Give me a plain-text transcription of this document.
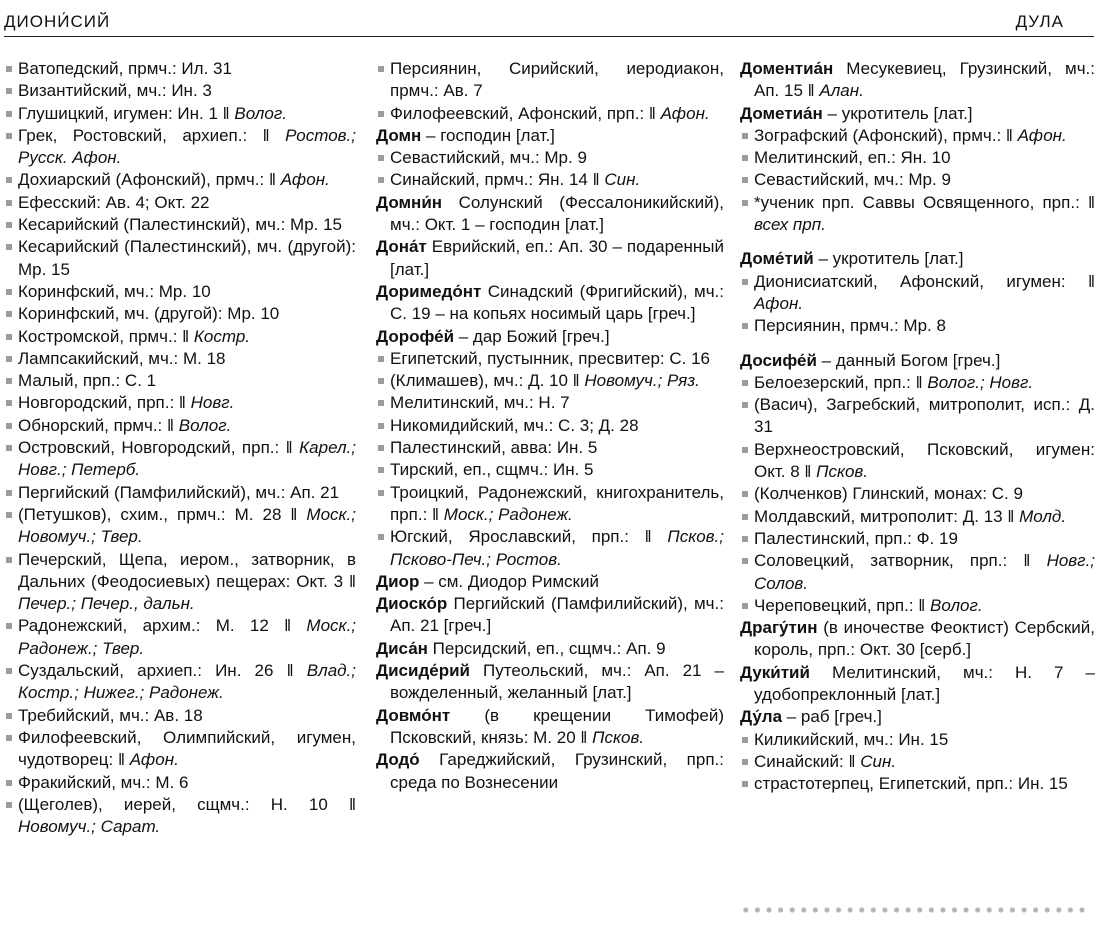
ДИОНИ́СИЙ	ДУЛА
Ватопедский, прмч.: Ил. 31
Византийский, мч.: Ин. 3
Глушицкий, игумен: Ин. 1 ‖ Волог.
Грек, Ростовский, архиеп.: ‖ Ростов.; Русск. Афон.
Дохиарский (Афонский), прмч.: ‖ Афон.
Ефесский: Ав. 4; Окт. 22
Кесарийский (Палестинский), мч.: Мр. 15
Кесарийский (Палестинский), мч. (другой): Мр. 15
Коринфский, мч.: Мр. 10
Коринфский, мч. (другой): Мр. 10
Костромской, прмч.: ‖ Костр.
Лампсакийский, мч.: М. 18
Малый, прп.: С. 1
Новгородский, прп.: ‖ Новг.
Обнорский, прмч.: ‖ Волог.
Островский, Новгородский, прп.: ‖ Карел.; Новг.; Петерб.
Пергийский (Памфилийский), мч.: Ап. 21
(Петушков), схим., прмч.: М. 28 ‖ Моск.; Новомуч.; Твер.
Печерский, Щепа, иером., затворник, в Дальних (Феодосиевых) пещерах: Окт. 3 ‖ Печер.; Печер., дальн.
Радонежский, архим.: М. 12 ‖ Моск.; Радонеж.; Твер.
Суздальский, архиеп.: Ин. 26 ‖ Влад.; Костр.; Нижег.; Радонеж.
Требийский, мч.: Ав. 18
Филофеевский, Олимпийский, игумен, чудотворец: ‖ Афон.
Фракийский, мч.: М. 6
(Щеголев), иерей, сщмч.: Н. 10 ‖ Новомуч.; Сарат.
Персиянин, Сирийский, иеродиакон, прмч.: Ав. 7
Филофеевский, Афонский, прп.: ‖ Афон.
Домн – господин [лат.]
Севастийский, мч.: Мр. 9
Синайский, прмч.: Ян. 14 ‖ Син.
Домни́н Солунский (Фессалоникийский), мч.: Окт. 1 – господин [лат.]
Дона́т Еврийский, еп.: Ап. 30 – подаренный [лат.]
Доримедо́нт Синадский (Фригийский), мч.: С. 19 – на копьях носимый царь [греч.]
Дорофе́й – дар Божий [греч.]
Египетский, пустынник, пресвитер: С. 16
(Климашев), мч.: Д. 10 ‖ Новомуч.; Ряз.
Мелитинский, мч.: Н. 7
Никомидийский, мч.: С. 3; Д. 28
Палестинский, авва: Ин. 5
Тирский, еп., сщмч.: Ин. 5
Троицкий, Радонежский, книгохранитель, прп.: ‖ Моск.; Радонеж.
Югский, Ярославский, прп.: ‖ Псков.; Псково-Печ.; Ростов.
Диор – см. Диодор Римский
Диоско́р Пергийский (Памфилийский), мч.: Ап. 21 [греч.]
Диса́н Персидский, еп., сщмч.: Ап. 9
Дисиде́рий Путеольский, мч.: Ап. 21 – вожделенный, желанный [лат.]
Довмо́нт (в крещении Тимофей) Псковский, князь: М. 20 ‖ Псков.
Додо́ Гареджийский, Грузинский, прп.: среда по Вознесении
Доментиа́н Месукевиец, Грузинский, мч.: Ап. 15 ‖ Алан.
Дометиа́н – укротитель [лат.]
Зографский (Афонский), прмч.: ‖ Афон.
Мелитинский, еп.: Ян. 10
Севастийский, мч.: Мр. 9
*ученик прп. Саввы Освященного, прп.: ‖ всех прп.
Доме́тий – укротитель [лат.]
Дионисиатский, Афонский, игумен: ‖ Афон.
Персиянин, прмч.: Мр. 8
Досифе́й – данный Богом [греч.]
Белоезерский, прп.: ‖ Волог.; Новг.
(Васич), Загребский, митрополит, исп.: Д. 31
Верхнеостровский, Псковский, игумен: Окт. 8 ‖ Псков.
(Колченков) Глинский, монах: С. 9
Молдавский, митрополит: Д. 13 ‖ Молд.
Палестинский, прп.: Ф. 19
Соловецкий, затворник, прп.: ‖ Новг.; Солов.
Череповецкий, прп.: ‖ Волог.
Драгу́тин (в иночестве Феоктист) Сербский, король, прп.: Окт. 30 [серб.]
Дуки́тий Мелитинский, мч.: Н. 7 – удобопреклонный [лат.]
Ду́ла – раб [греч.]
Киликийский, мч.: Ин. 15
Синайский: ‖ Син.
страстотерпец, Египетский, прп.: Ин. 15
